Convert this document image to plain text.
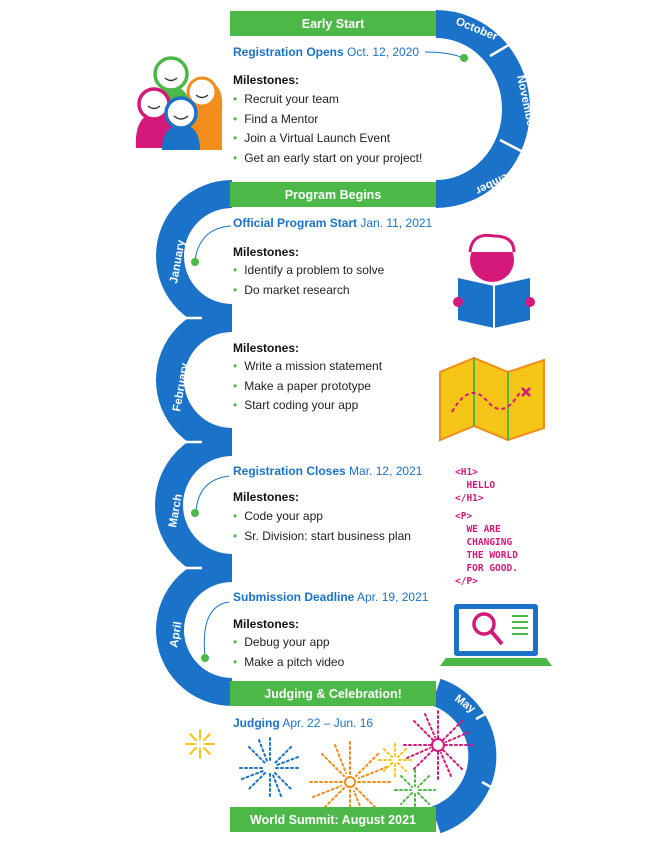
October
November
December
January
February
March
April
May
June
July
Early Start
Program Begins
Judging & Celebration!
World Summit: August 2021
Registration Opens Oct. 12, 2020
Official Program Start Jan. 11, 2021
Registration Closes Mar. 12, 2021
Submission Deadline Apr. 19, 2021
Judging Apr. 22 – Jun. 16
Milestones:
• Recruit your team
• Find a Mentor
• Join a Virtual Launch Event
• Get an early start on your project!
Milestones:
• Identify a problem to solve
• Do market research
Milestones:
• Write a mission statement
• Make a paper prototype
• Start coding your app
Milestones:
• Code your app
• Sr. Division: start business plan
Milestones:
• Debug your app
• Make a pitch video
<H1>
HELLO
</H1>
<P>
WE ARE
CHANGING
THE WORLD
FOR GOOD.
</P>
